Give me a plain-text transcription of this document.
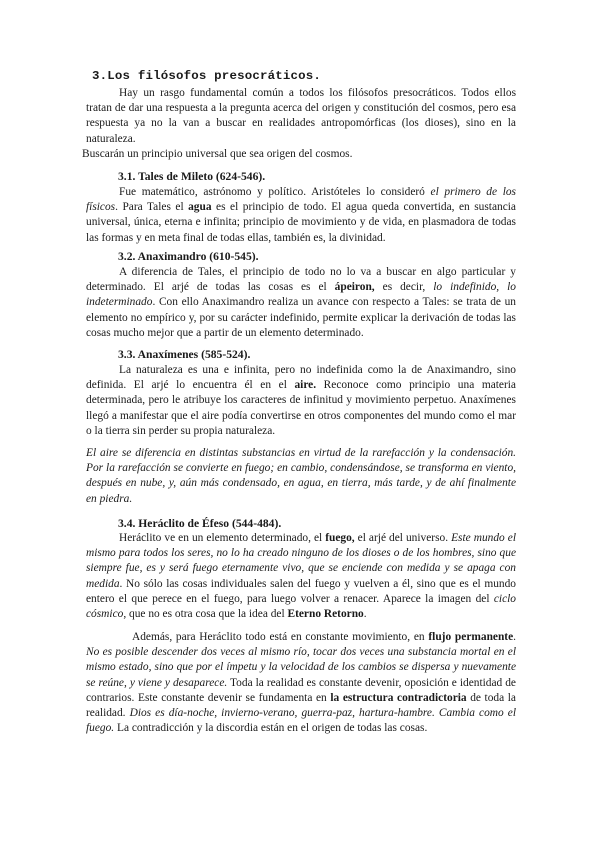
3.Los filósofos presocráticos.

Hay un rasgo fundamental común a todos los filósofos presocráticos. Todos ellos tratan de dar una respuesta a la pregunta acerca del origen y constitución del cosmos, pero esa respuesta ya no la van a buscar en realidades antropomórficas (los dioses), sino en la naturaleza.

Buscarán un principio universal que sea origen del cosmos.

3.1. Tales de Mileto (624-546).

Fue matemático, astrónomo y político. Aristóteles lo consideró el primero de los físicos. Para Tales el agua es el principio de todo. El agua queda convertida, en sustancia universal, única, eterna e infinita; principio de movimiento y de vida, en plasmadora de todas las formas y en meta final de todas ellas, también es, la divinidad.

3.2. Anaximandro (610-545).

A diferencia de Tales, el principio de todo no lo va a buscar en algo particular y determinado. El arjé de todas las cosas es el ápeiron, es decir, lo indefinido, lo indeterminado. Con ello Anaximandro realiza un avance con respecto a Tales: se trata de un elemento no empírico y, por su carácter indefinido, permite explicar la derivación de todas las cosas mucho mejor que a partir de un elemento determinado.

3.3. Anaxímenes (585-524).

La naturaleza es una e infinita, pero no indefinida como la de Anaximandro, sino definida. El arjé lo encuentra él en el aire. Reconoce como principio una materia determinada, pero le atribuye los caracteres de infinitud y movimiento perpetuo. Anaxímenes llegó a manifestar que el aire podía convertirse en otros componentes del mundo como el mar o la tierra sin perder su propia naturaleza.

El aire se diferencia en distintas substancias en virtud de la rarefacción y la condensación. Por la rarefacción se convierte en fuego; en cambio, condensándose, se transforma en viento, después en nube, y, aún más condensado, en agua, en tierra, más tarde, y de ahí finalmente en piedra.

3.4. Heráclito de Éfeso (544-484).

Heráclito ve en un elemento determinado, el fuego, el arjé del universo. Este mundo el mismo para todos los seres, no lo ha creado ninguno de los dioses o de los hombres, sino que siempre fue, es y será fuego eternamente vivo, que se enciende con medida y se apaga con medida. No sólo las cosas individuales salen del fuego y vuelven a él, sino que es el mundo entero el que perece en el fuego, para luego volver a renacer. Aparece la imagen del ciclo cósmico, que no es otra cosa que la idea del Eterno Retorno.

Además, para Heráclito todo está en constante movimiento, en flujo permanente. No es posible descender dos veces al mismo río, tocar dos veces una substancia mortal en el mismo estado, sino que por el ímpetu y la velocidad de los cambios se dispersa y nuevamente se reúne, y viene y desaparece. Toda la realidad es constante devenir, oposición e identidad de contrarios. Este constante devenir se fundamenta en la estructura contradictoria de toda la realidad. Dios es día-noche, invierno-verano, guerra-paz, hartura-hambre. Cambia como el fuego. La contradicción y la discordia están en el origen de todas las cosas.
